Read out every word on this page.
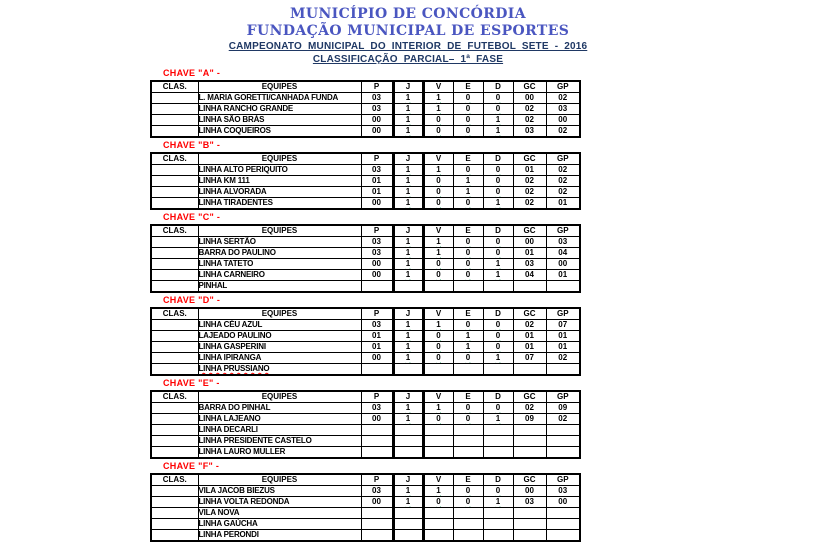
MUNICÍPIO DE CONCÓRDIA
FUNDAÇÃO MUNICIPAL DE ESPORTES
CAMPEONATO MUNICIPAL DO INTERIOR DE FUTEBOL SETE - 2016
CLASSIFICAÇÃO PARCIAL– 1ª FASE
CHAVE "A" -
CLAS.	EQUIPES	P	J	V	E	D	GC	GP
	L. MARIA GORETTI/CANHADA FUNDA	03	1	1	0	0	00	02
	LINHA RANCHO GRANDE	03	1	1	0	0	02	03
	LINHA SÃO BRÁS	00	1	0	0	1	02	00
	LINHA COQUEIROS	00	1	0	0	1	03	02
CHAVE "B" -
CLAS.	EQUIPES	P	J	V	E	D	GC	GP
	LINHA ALTO PERIQUITO	03	1	1	0	0	01	02
	LINHA KM 111	01	1	0	1	0	02	02
	LINHA ALVORADA	01	1	0	1	0	02	02
	LINHA TIRADENTES	00	1	0	0	1	02	01
CHAVE "C" -
CLAS.	EQUIPES	P	J	V	E	D	GC	GP
	LINHA SERTÃO	03	1	1	0	0	00	03
	BARRA DO PAULINO	03	1	1	0	0	01	04
	LINHA TATETO	00	1	0	0	1	03	00
	LINHA CARNEIRO	00	1	0	0	1	04	01
	PINHAL							
CHAVE "D" -
CLAS.	EQUIPES	P	J	V	E	D	GC	GP
	LINHA CÉU AZUL	03	1	1	0	0	02	07
	LAJEADO PAULINO	01	1	0	1	0	01	01
	LINHA GASPERINI	01	1	0	1	0	01	01
	LINHA IPIRANGA	00	1	0	0	1	07	02
	LINHA PRUSSIANO							
CHAVE "E" -
CLAS.	EQUIPES	P	J	V	E	D	GC	GP
	BARRA DO PINHAL	03	1	1	0	0	02	09
	LINHA LAJEANO	00	1	0	0	1	09	02
	LINHA DECARLI							
	LINHA PRESIDENTE CASTELO							
	LINHA LAURO MULLER							
CHAVE "F" -
CLAS.	EQUIPES	P	J	V	E	D	GC	GP
	VILA JACOB BIEZUS	03	1	1	0	0	00	03
	LINHA VOLTA REDONDA	00	1	0	0	1	03	00
	VILA NOVA							
	LINHA GAÚCHA							
	LINHA PERONDI							
